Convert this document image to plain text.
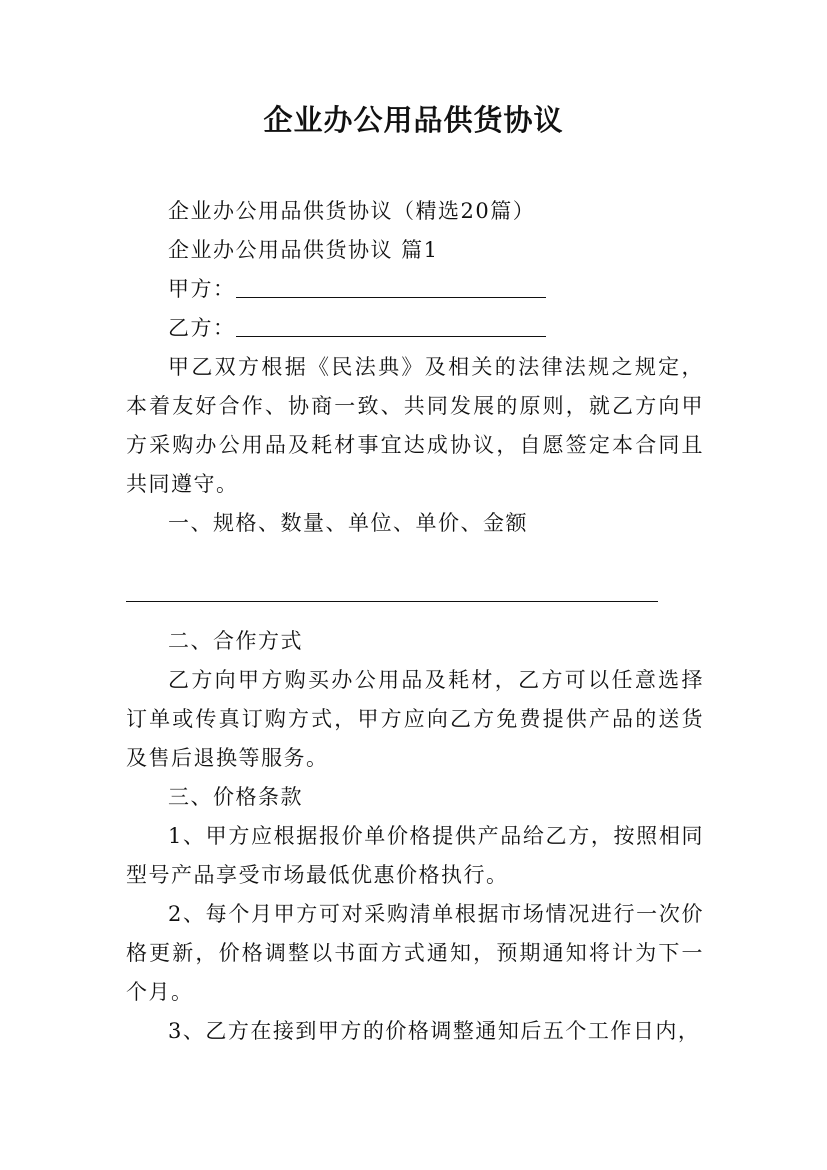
企业办公用品供货协议

企业办公用品供货协议（精选20篇）

企业办公用品供货协议 篇1

甲方：

乙方：

甲乙双方根据《民法典》及相关的法律法规之规定，本着友好合作、协商一致、共同发展的原则，就乙方向甲方采购办公用品及耗材事宜达成协议，自愿签定本合同且共同遵守。

一、规格、数量、单位、单价、金额

二、合作方式

乙方向甲方购买办公用品及耗材，乙方可以任意选择订单或传真订购方式，甲方应向乙方免费提供产品的送货及售后退换等服务。

三、价格条款

1、甲方应根据报价单价格提供产品给乙方，按照相同型号产品享受市场最低优惠价格执行。

2、每个月甲方可对采购清单根据市场情况进行一次价格更新，价格调整以书面方式通知，预期通知将计为下一个月。

3、乙方在接到甲方的价格调整通知后五个工作日内，
